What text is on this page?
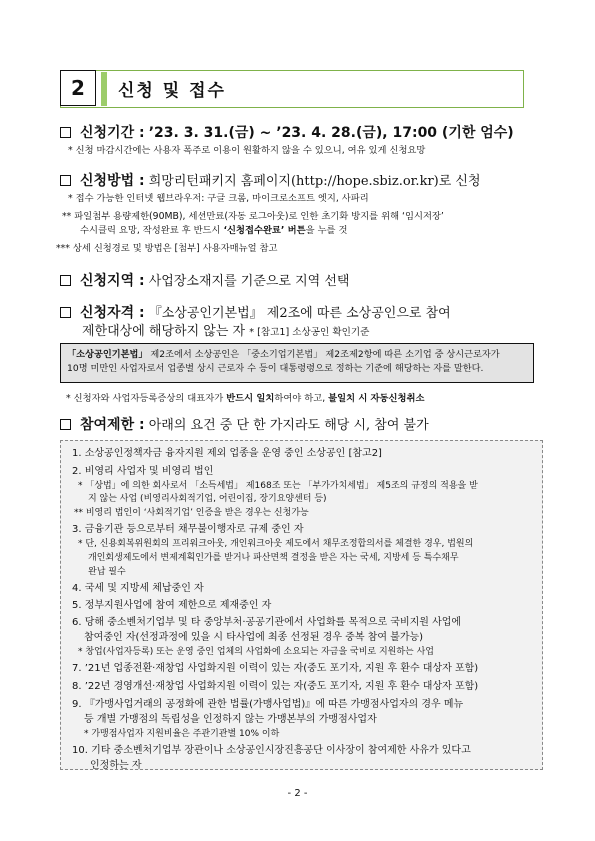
2	신청 및 접수
신청기간 : ’23. 3. 31.(금) ~ ’23. 4. 28.(금), 17:00 (기한 엄수)
* 신청 마감시간에는 사용자 폭주로 이용이 원활하지 않을 수 있으니, 여유 있게 신청요망
신청방법 : 희망리턴패키지 홈페이지(http://hope.sbiz.or.kr)로 신청
* 접수 가능한 인터넷 웹브라우저: 구글 크롬, 마이크로소프트 엣지, 사파리
** 파일첨부 용량제한(90MB), 세션만료(자동 로그아웃)로 인한 초기화 방지를 위해 ‘임시저장’
수시클릭 요망, 작성완료 후 반드시 ‘신청접수완료’ 버튼을 누를 것
*** 상세 신청경로 및 방법은 [첨부] 사용자매뉴얼 참고
신청지역 : 사업장소재지를 기준으로 지역 선택
신청자격 : 『소상공인기본법』 제2조에 따른 소상공인으로 참여
제한대상에 해당하지 않는 자 * [참고1] 소상공인 확인기준
「소상공인기본법」 제2조에서 소상공인은 「중소기업기본법」 제2조제2항에 따른 소기업 중 상시근로자가
10명 미만인 사업자로서 업종별 상시 근로자 수 등이 대통령령으로 정하는 기준에 해당하는 자를 말한다.
* 신청자와 사업자등록증상의 대표자가 반드시 일치하여야 하고, 불일치 시 자동신청취소
참여제한 : 아래의 요건 중 단 한 가지라도 해당 시, 참여 불가
1. 소상공인정책자금 융자지원 제외 업종을 운영 중인 소상공인 [참고2]
2. 비영리 사업자 및 비영리 법인
* 「상법」에 의한 회사로서 「소득세법」 제168조 또는 「부가가치세법」 제5조의 규정의 적용을 받
지 않는 사업 (비영리사회적기업, 어린이집, 장기요양센터 등)
** 비영리 법인이 ‘사회적기업’ 인증을 받은 경우는 신청가능
3. 금융기관 등으로부터 채무불이행자로 규제 중인 자
* 단, 신용회복위원회의 프리워크아웃, 개인워크아웃 제도에서 채무조정합의서를 체결한 경우, 법원의
개인회생제도에서 변제계획인가를 받거나 파산면책 결정을 받은 자는 국세, 지방세 등 특수채무
완납 필수
4. 국세 및 지방세 체납중인 자
5. 정부지원사업에 참여 제한으로 제재중인 자
6. 당해 중소벤처기업부 및 타 중앙부처·공공기관에서 사업화를 목적으로 국비지원 사업에
참여중인 자(선정과정에 있을 시 타사업에 최종 선정된 경우 중복 참여 불가능)
* 창업(사업자등록) 또는 운영 중인 업체의 사업화에 소요되는 자금을 국비로 지원하는 사업
7. ’21년 업종전환·재창업 사업화지원 이력이 있는 자(중도 포기자, 지원 후 환수 대상자 포함)
8. ’22년 경영개선·재창업 사업화지원 이력이 있는 자(중도 포기자, 지원 후 환수 대상자 포함)
9. 『가맹사업거래의 공정화에 관한 법률(가맹사업법)』에 따른 가맹점사업자의 경우 메뉴
등 개별 가맹점의 독립성을 인정하지 않는 가맹본부의 가맹점사업자
* 가맹점사업자 지원비율은 주관기관별 10% 이하
10. 기타 중소벤처기업부 장관이나 소상공인시장진흥공단 이사장이 참여제한 사유가 있다고
인정하는 자
- 2 -
